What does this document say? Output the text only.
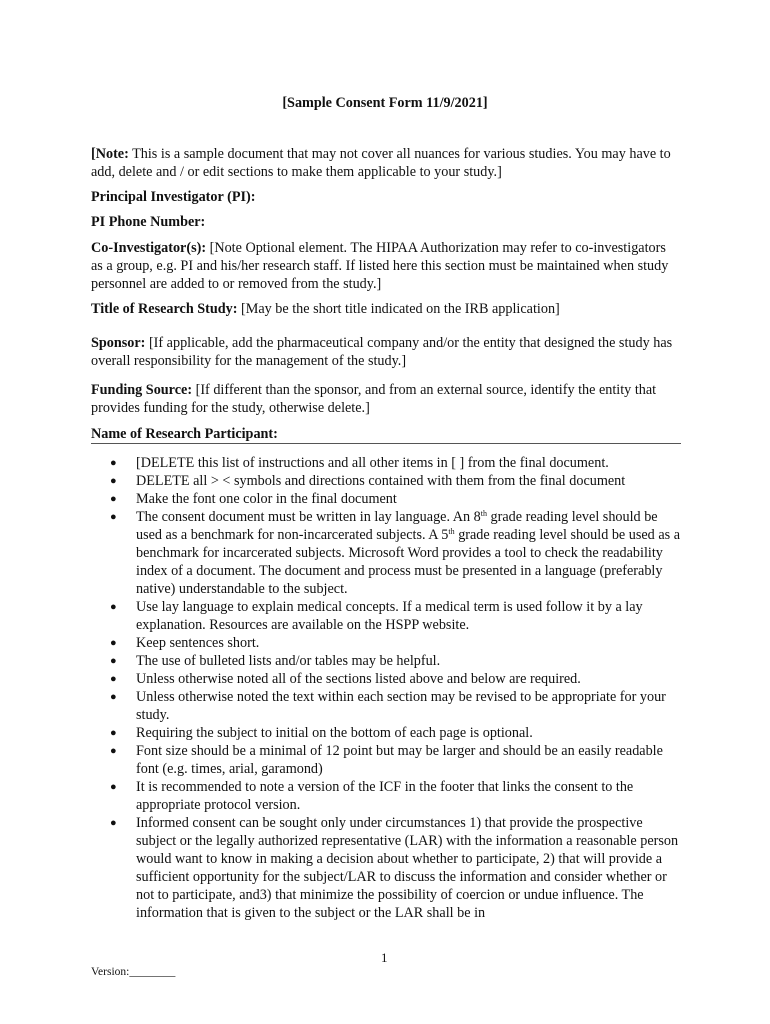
[Sample Consent Form 11/9/2021]

[Note: This is a sample document that may not cover all nuances for various studies. You may have to add, delete and / or edit sections to make them applicable to your study.]

Principal Investigator (PI):

PI Phone Number:

Co-Investigator(s): [Note Optional element. The HIPAA Authorization may refer to co-investigators as a group, e.g. PI and his/her research staff. If listed here this section must be maintained when study personnel are added to or removed from the study.]

Title of Research Study: [May be the short title indicated on the IRB application]

Sponsor: [If applicable, add the pharmaceutical company and/or the entity that designed the study has overall responsibility for the management of the study.]

Funding Source: [If different than the sponsor, and from an external source, identify the entity that provides funding for the study, otherwise delete.]

Name of Research Participant:
●	[DELETE this list of instructions and all other items in [ ] from the final document.
●	DELETE all > < symbols and directions contained with them from the final document
●	Make the font one color in the final document
●	The consent document must be written in lay language. An 8th grade reading level should be used as a benchmark for non-incarcerated subjects. A 5th grade reading level should be used as a benchmark for incarcerated subjects. Microsoft Word provides a tool to check the readability index of a document. The document and process must be presented in a language (preferably native) understandable to the subject.
●	Use lay language to explain medical concepts. If a medical term is used follow it by a lay explanation. Resources are available on the HSPP website.
●	Keep sentences short.
●	The use of bulleted lists and/or tables may be helpful.
●	Unless otherwise noted all of the sections listed above and below are required.
●	Unless otherwise noted the text within each section may be revised to be appropriate for your study.
●	Requiring the subject to initial on the bottom of each page is optional.
●	Font size should be a minimal of 12 point but may be larger and should be an easily readable font (e.g. times, arial, garamond)
●	It is recommended to note a version of the ICF in the footer that links the consent to the appropriate protocol version.
●	Informed consent can be sought only under circumstances 1) that provide the prospective subject or the legally authorized representative (LAR) with the information a reasonable person would want to know in making a decision about whether to participate, 2) that will provide a sufficient opportunity for the subject/LAR to discuss the information and consider whether or not to participate, and3) that minimize the possibility of coercion or undue influence. The information that is given to the subject or the LAR shall be in
1
Version:________
